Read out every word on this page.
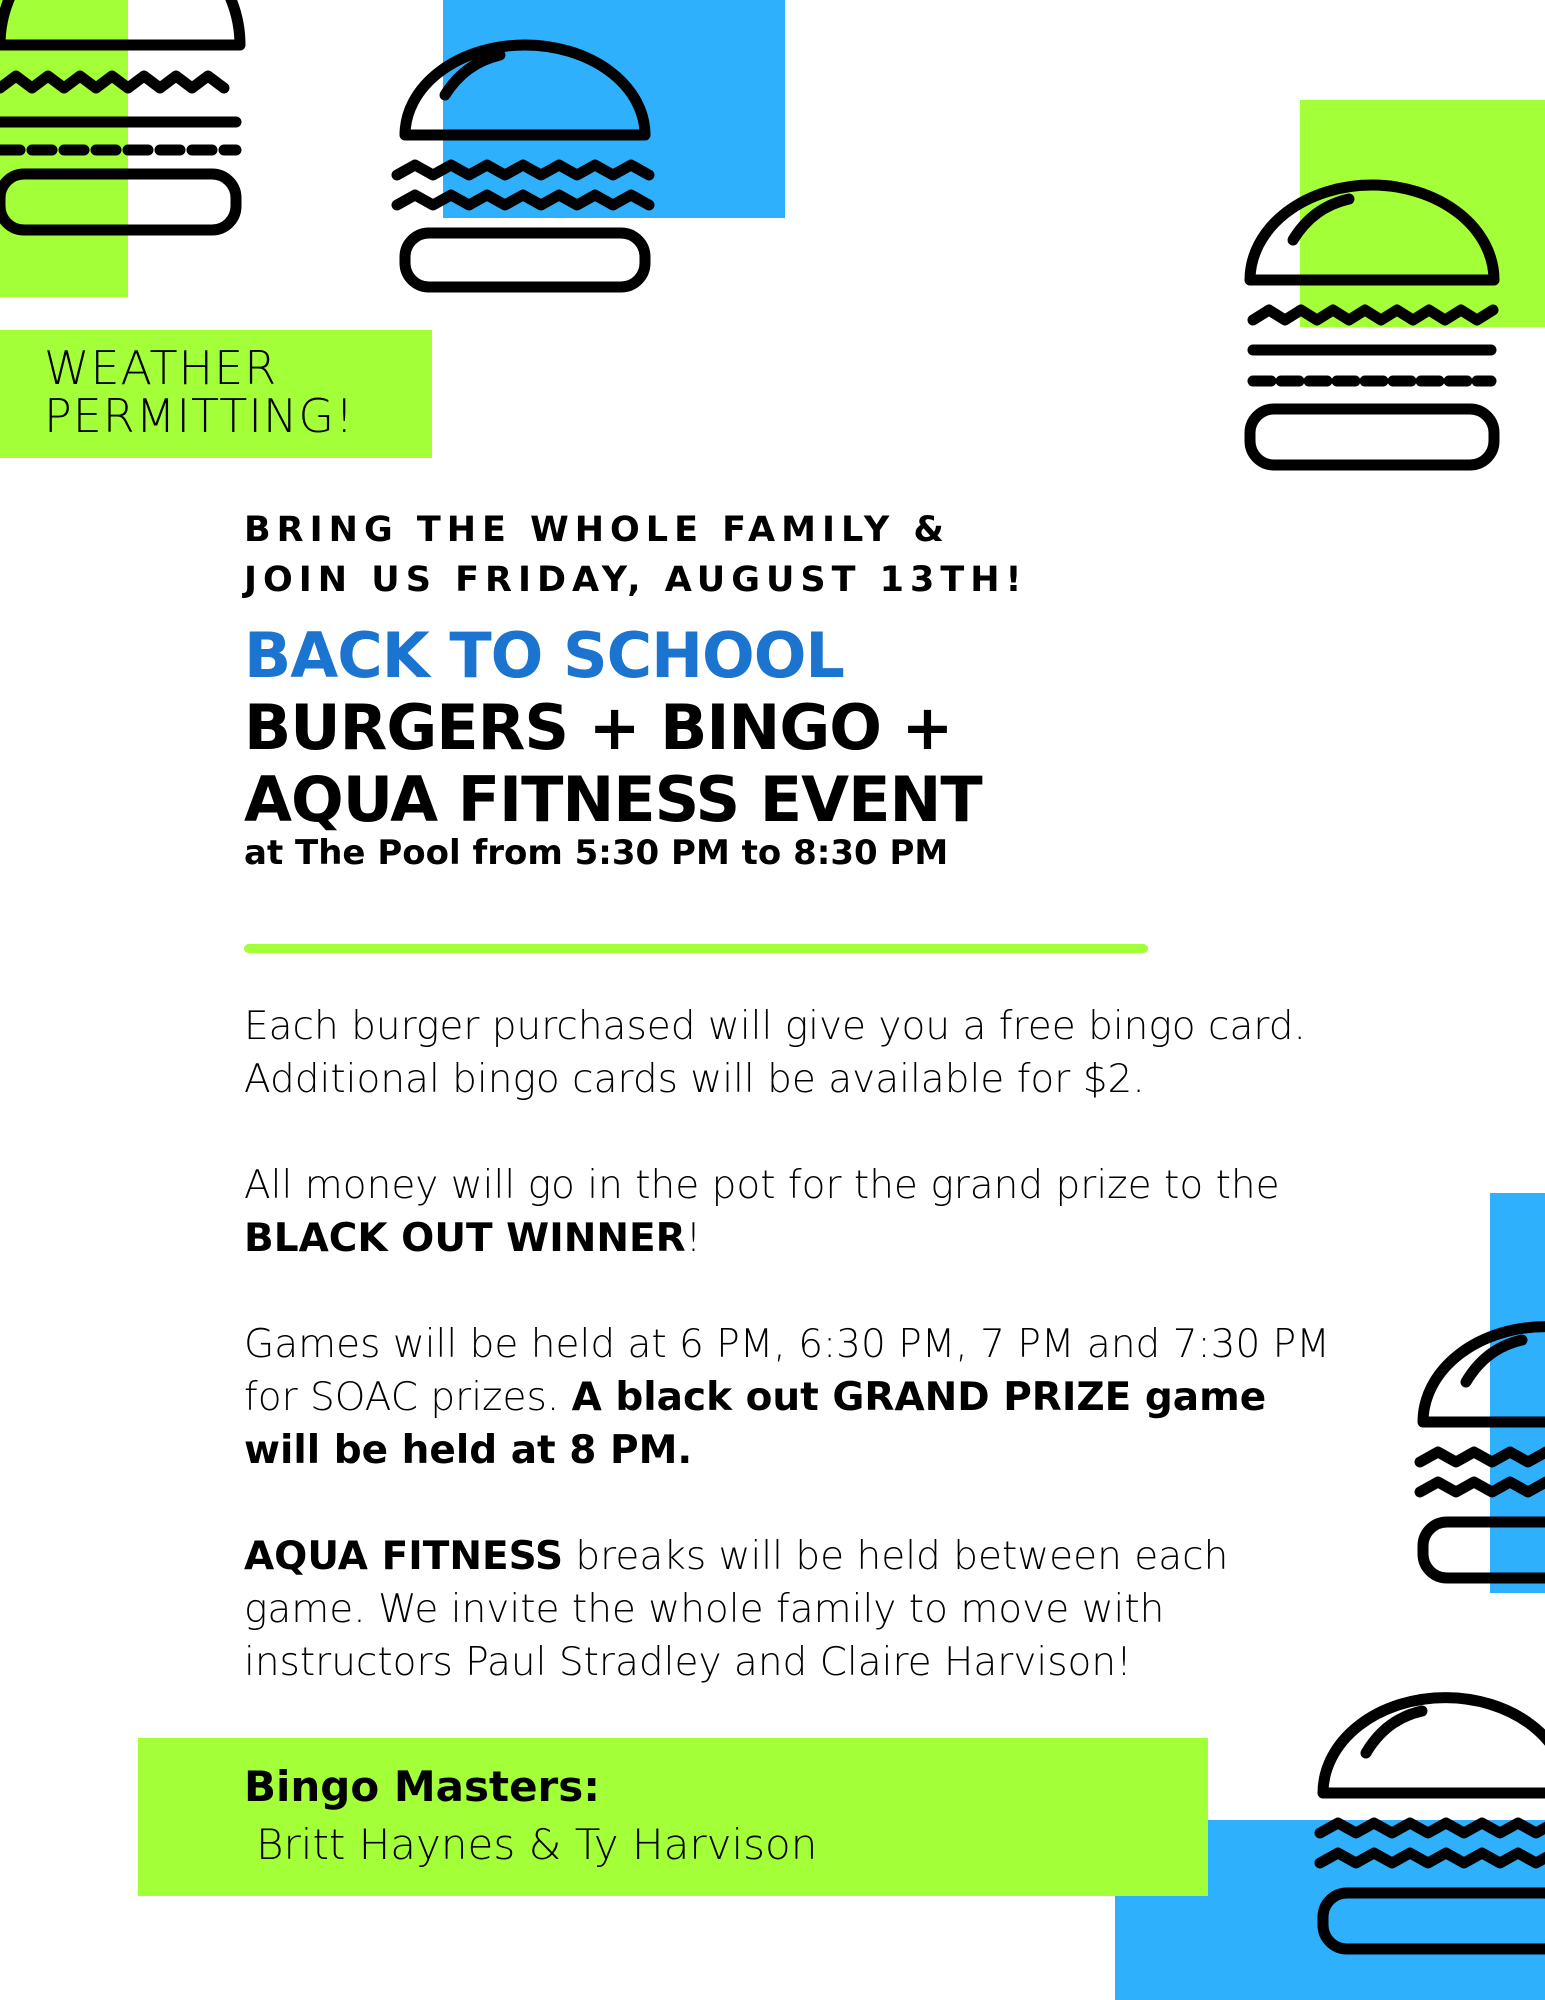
WEATHER
PERMITTING!
BRING THE WHOLE FAMILY &
JOIN US FRIDAY, AUGUST 13TH!
BACK TO SCHOOL
BURGERS + BINGO +
AQUA FITNESS EVENT
at The Pool from 5:30 PM to 8:30 PM

Each burger purchased will give you a free bingo card. Additional bingo cards will be available for $2.

All money will go in the pot for the grand prize to the BLACK OUT WINNER!

Games will be held at 6 PM, 6:30 PM, 7 PM and 7:30 PM for SOAC prizes. A black out GRAND PRIZE game will be held at 8 PM.

AQUA FITNESS breaks will be held between each game. We invite the whole family to move with instructors Paul Stradley and Claire Harvison!

Bingo Masters:
Britt Haynes & Ty Harvison
